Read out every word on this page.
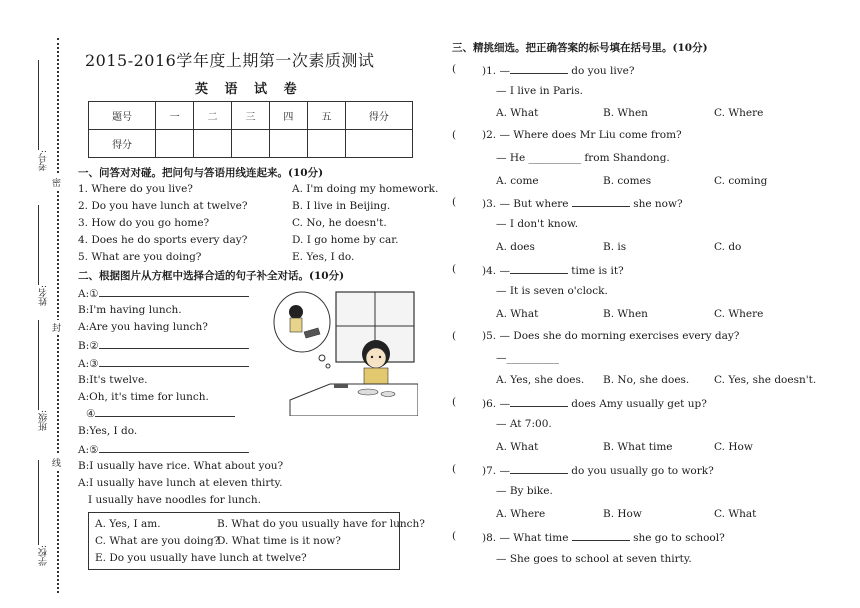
考号:
姓名:
班级:
学校:
密
封
线
2015-2016学年度上期第一次素质测试
英 语 试 卷
题号	一	二	三	四	五	得分
得分						
一、问答对对碰。把问句与答语用线连起来。(10分)
1. Where do you live?
2. Do you have lunch at twelve?
3. How do you go home?
4. Does he do sports every day?
5. What are you doing?
A. I'm doing my homework.
B. I live in Beijing.
C. No, he doesn't.
D. I go home by car.
E. Yes, I do.
二、根据图片从方框中选择合适的句子补全对话。(10分)
A:①
B:I'm having lunch.
A:Are you having lunch?
B:②
A:③
B:It's twelve.
A:Oh, it's time for lunch.
④
B:Yes, I do.
A:⑤
B:I usually have rice. What about you?
A:I usually have lunch at eleven thirty.
I usually have noodles for lunch.
A. Yes, I am.	B. What do you usually have for lunch?
C. What are you doing?
D. What time is it now?
E. Do you usually have lunch at twelve?
三、精挑细选。把正确答案的标号填在括号里。(10分)
( )1. —	do you live?
— I live in Paris.
A. What	B. When	C. Where
( )2. — Where does Mr Liu come from?
— He __________ from Shandong.
A. come	B. comes	C. coming
( )3. — But where	she now?
— I don't know.
A. does	B. is	C. do
( )4. —	time is it?
— It is seven o'clock.
A. What	B. When	C. Where
( )5. — Does she do morning exercises every day?
—__________
A. Yes, she does. B. No, she does. C. Yes, she doesn't.
( )6. —	does Amy usually get up?
— At 7:00.
A. What	B. What time	C. How
( )7. —	do you usually go to work?
— By bike.
A. Where	B. How	C. What
( )8. — What time	she go to school?
— She goes to school at seven thirty.
